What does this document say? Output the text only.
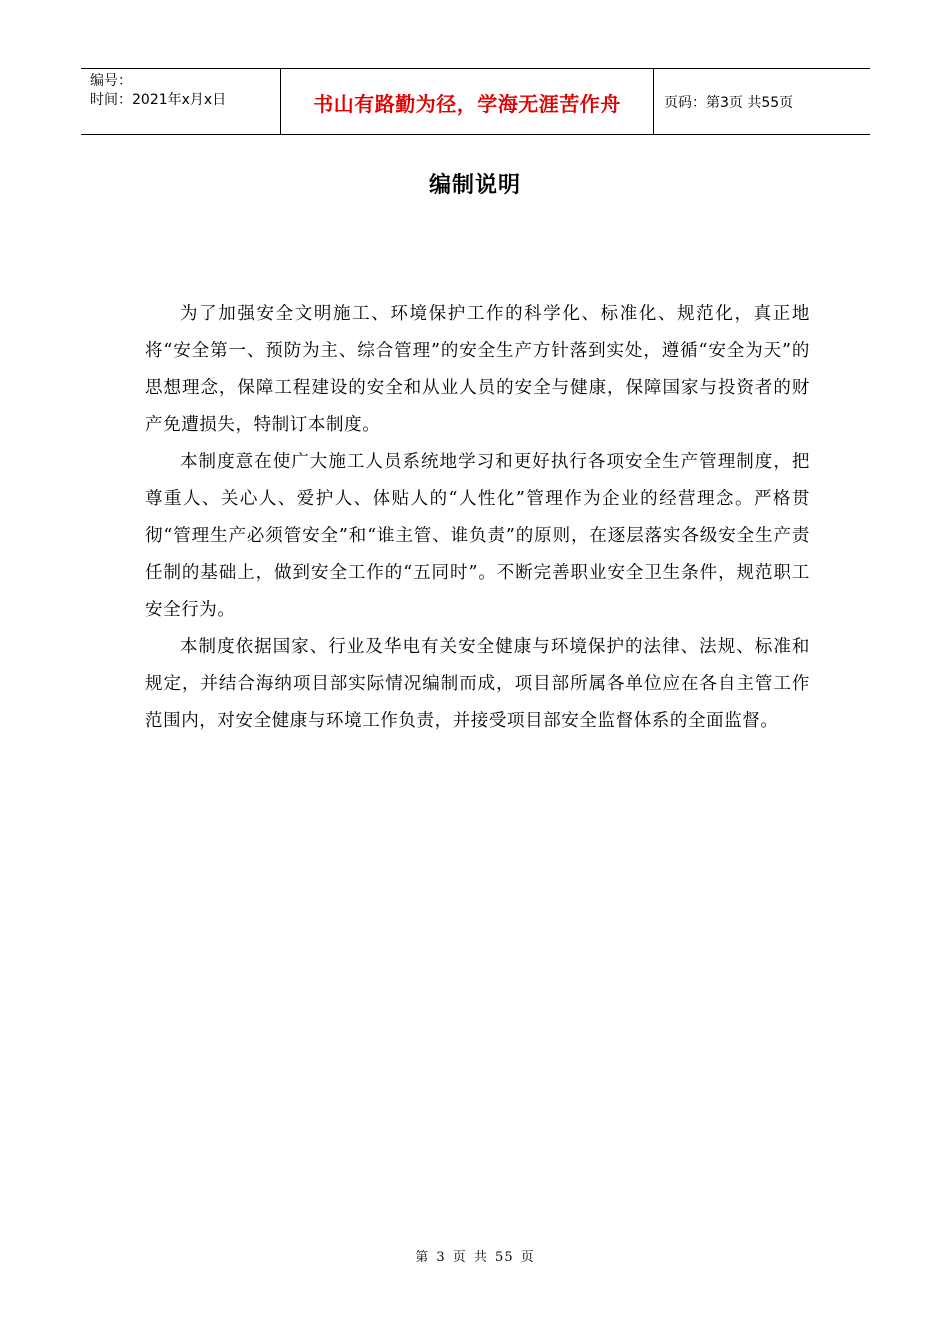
编号：
时间：2021年x月x日	书山有路勤为径，学海无涯苦作舟	页码：第3页 共55页
编制说明

为了加强安全文明施工、环境保护工作的科学化、标准化、规范化，真正地将“安全第一、预防为主、综合管理”的安全生产方针落到实处，遵循“安全为天”的思想理念，保障工程建设的安全和从业人员的安全与健康，保障国家与投资者的财产免遭损失，特制订本制度。

本制度意在使广大施工人员系统地学习和更好执行各项安全生产管理制度，把尊重人、关心人、爱护人、体贴人的“人性化”管理作为企业的经营理念。严格贯彻“管理生产必须管安全”和“谁主管、谁负责”的原则，在逐层落实各级安全生产责任制的基础上，做到安全工作的“五同时”。不断完善职业安全卫生条件，规范职工安全行为。

本制度依据国家、行业及华电有关安全健康与环境保护的法律、法规、标准和规定，并结合海纳项目部实际情况编制而成，项目部所属各单位应在各自主管工作范围内，对安全健康与环境工作负责，并接受项目部安全监督体系的全面监督。

第 3 页 共 55 页
